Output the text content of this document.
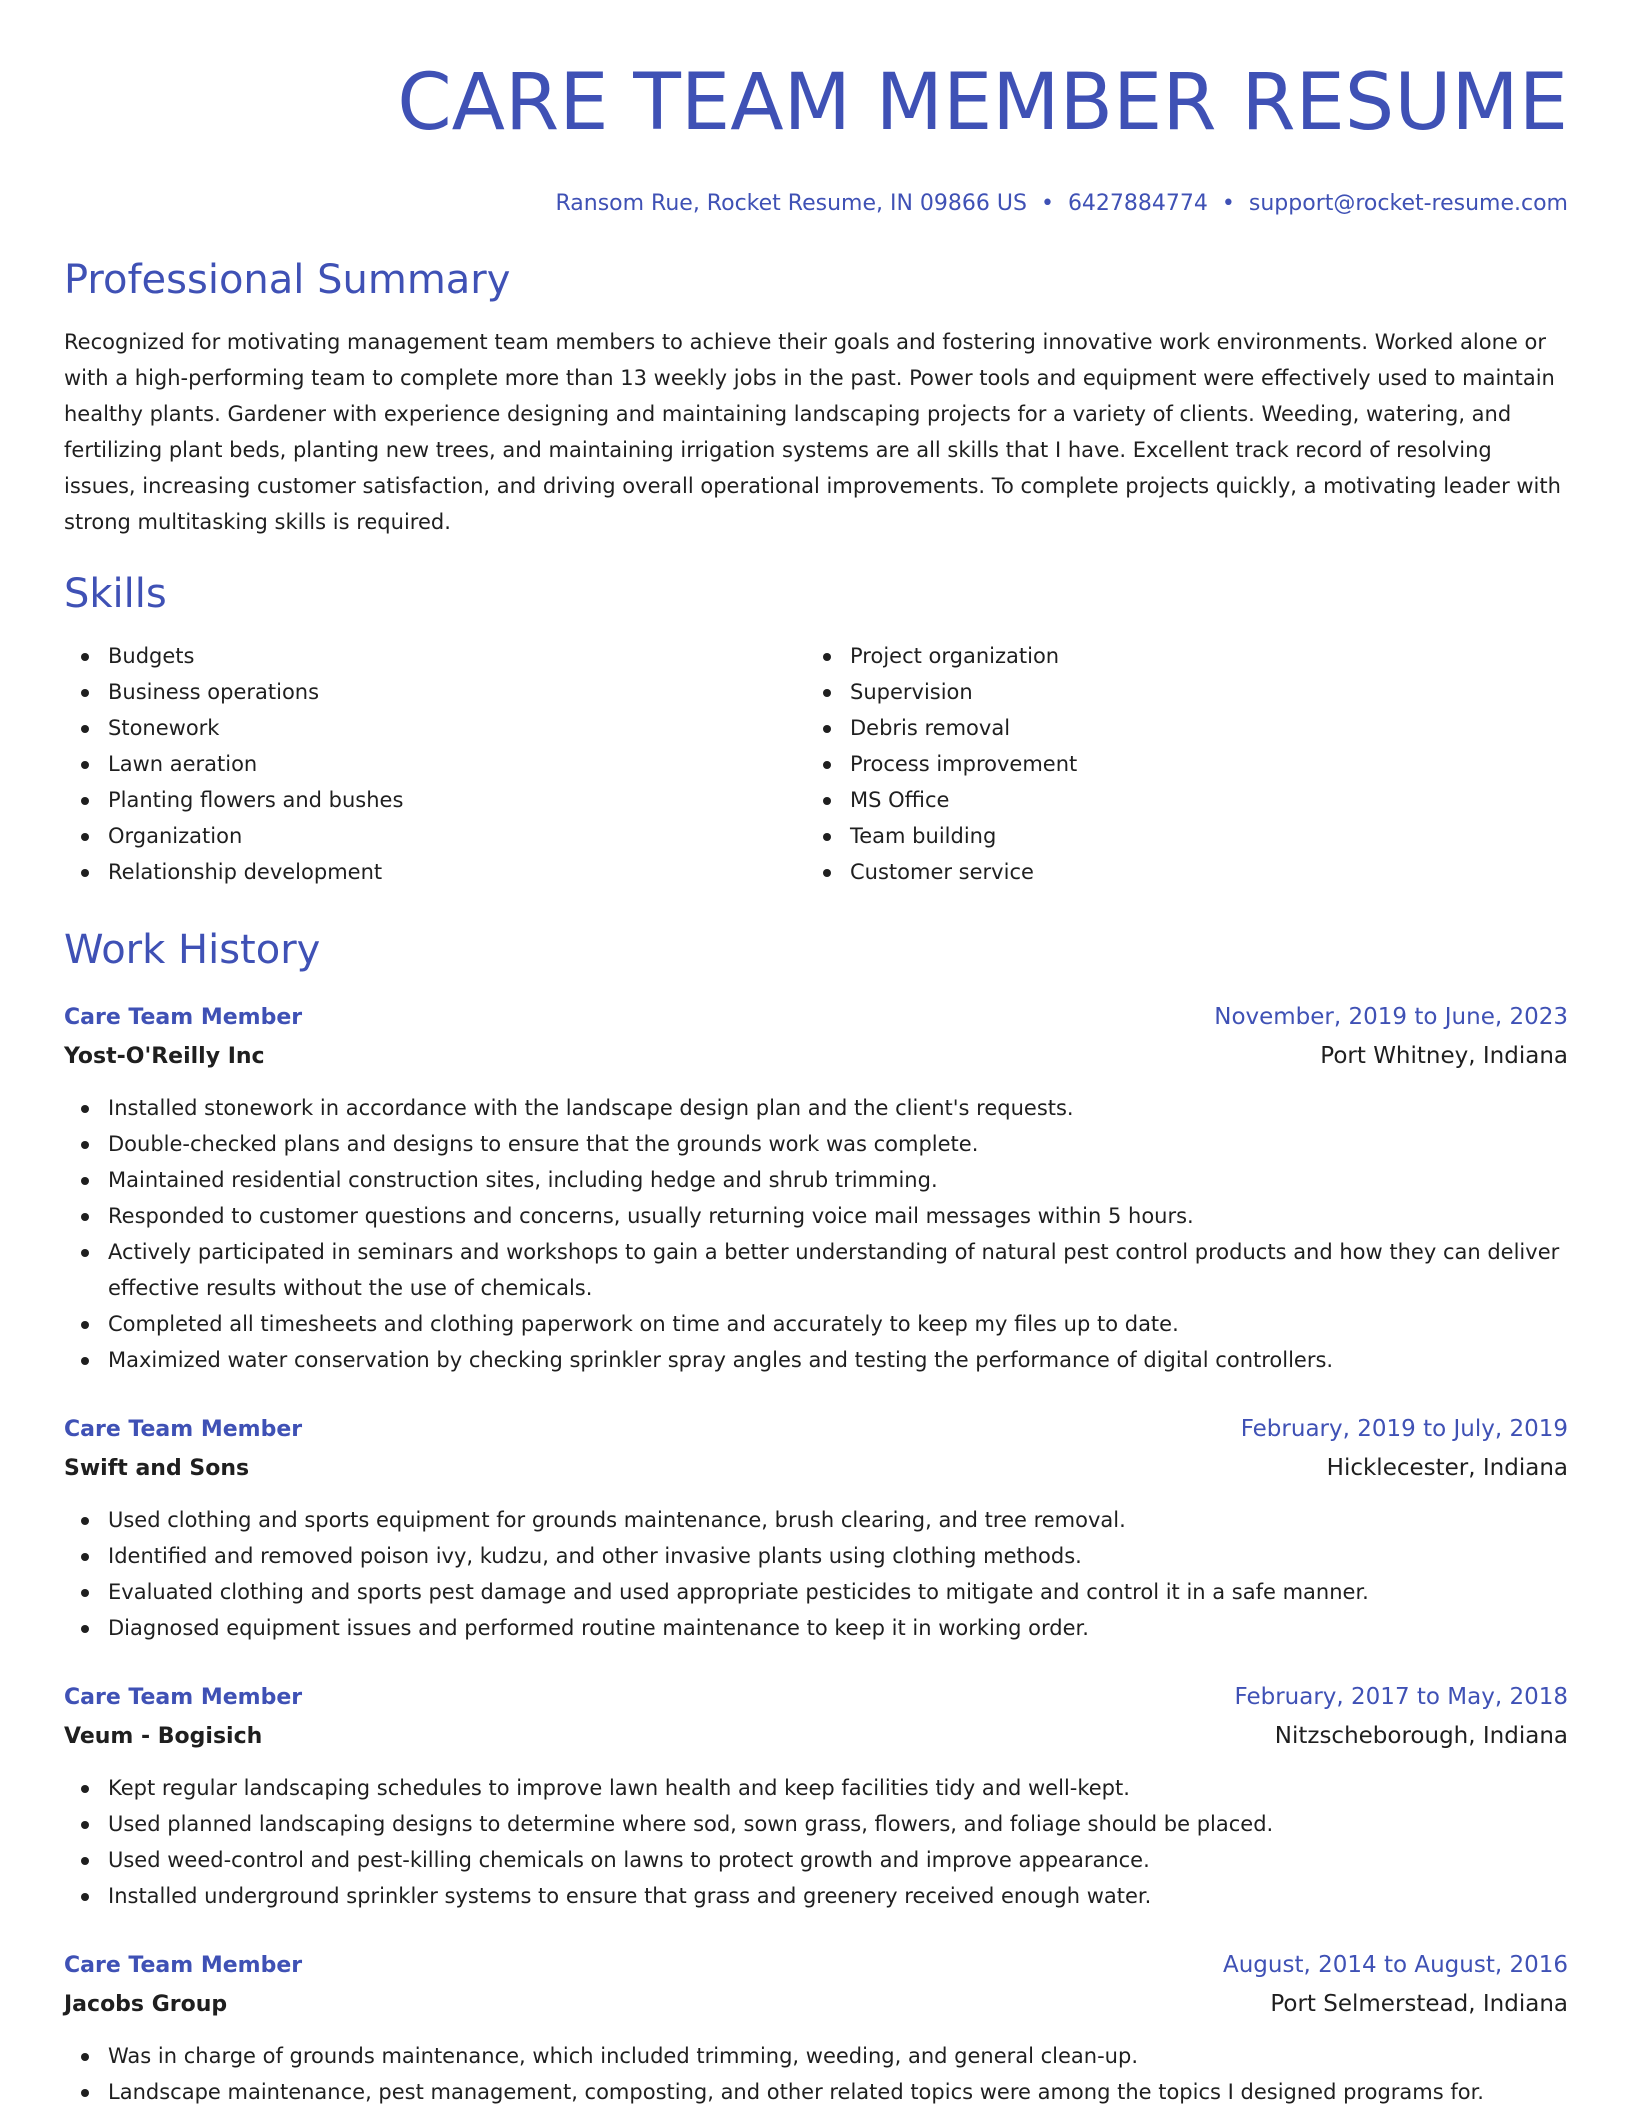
CARE TEAM MEMBER RESUME
Ransom Rue, Rocket Resume, IN 09866 US • 6427884774 • support@rocket-resume.com
Professional Summary

Recognized for motivating management team members to achieve their goals and fostering innovative work environments. Worked alone or with a high-performing team to complete more than 13 weekly jobs in the past. Power tools and equipment were effectively used to maintain healthy plants. Gardener with experience designing and maintaining landscaping projects for a variety of clients. Weeding, watering, and fertilizing plant beds, planting new trees, and maintaining irrigation systems are all skills that I have. Excellent track record of resolving issues, increasing customer satisfaction, and driving overall operational improvements. To complete projects quickly, a motivating leader with strong multitasking skills is required.

Skills
Budgets
Business operations
Stonework
Lawn aeration
Planting flowers and bushes
Organization
Relationship development
Project organization
Supervision
Debris removal
Process improvement
MS Office
Team building
Customer service
Work History
Care Team Member	November, 2019 to June, 2023
Yost-O'Reilly Inc	Port Whitney, Indiana
Installed stonework in accordance with the landscape design plan and the client's requests.
Double-checked plans and designs to ensure that the grounds work was complete.
Maintained residential construction sites, including hedge and shrub trimming.
Responded to customer questions and concerns, usually returning voice mail messages within 5 hours.
Actively participated in seminars and workshops to gain a better understanding of natural pest control products and how they can deliver effective results without the use of chemicals.
Completed all timesheets and clothing paperwork on time and accurately to keep my files up to date.
Maximized water conservation by checking sprinkler spray angles and testing the performance of digital controllers.
Care Team Member	February, 2019 to July, 2019
Swift and Sons	Hicklecester, Indiana
Used clothing and sports equipment for grounds maintenance, brush clearing, and tree removal.
Identified and removed poison ivy, kudzu, and other invasive plants using clothing methods.
Evaluated clothing and sports pest damage and used appropriate pesticides to mitigate and control it in a safe manner.
Diagnosed equipment issues and performed routine maintenance to keep it in working order.
Care Team Member	February, 2017 to May, 2018
Veum - Bogisich	Nitzscheborough, Indiana
Kept regular landscaping schedules to improve lawn health and keep facilities tidy and well-kept.
Used planned landscaping designs to determine where sod, sown grass, flowers, and foliage should be placed.
Used weed-control and pest-killing chemicals on lawns to protect growth and improve appearance.
Installed underground sprinkler systems to ensure that grass and greenery received enough water.
Care Team Member	August, 2014 to August, 2016
Jacobs Group	Port Selmerstead, Indiana
Was in charge of grounds maintenance, which included trimming, weeding, and general clean-up.
Landscape maintenance, pest management, composting, and other related topics were among the topics I designed programs for.
